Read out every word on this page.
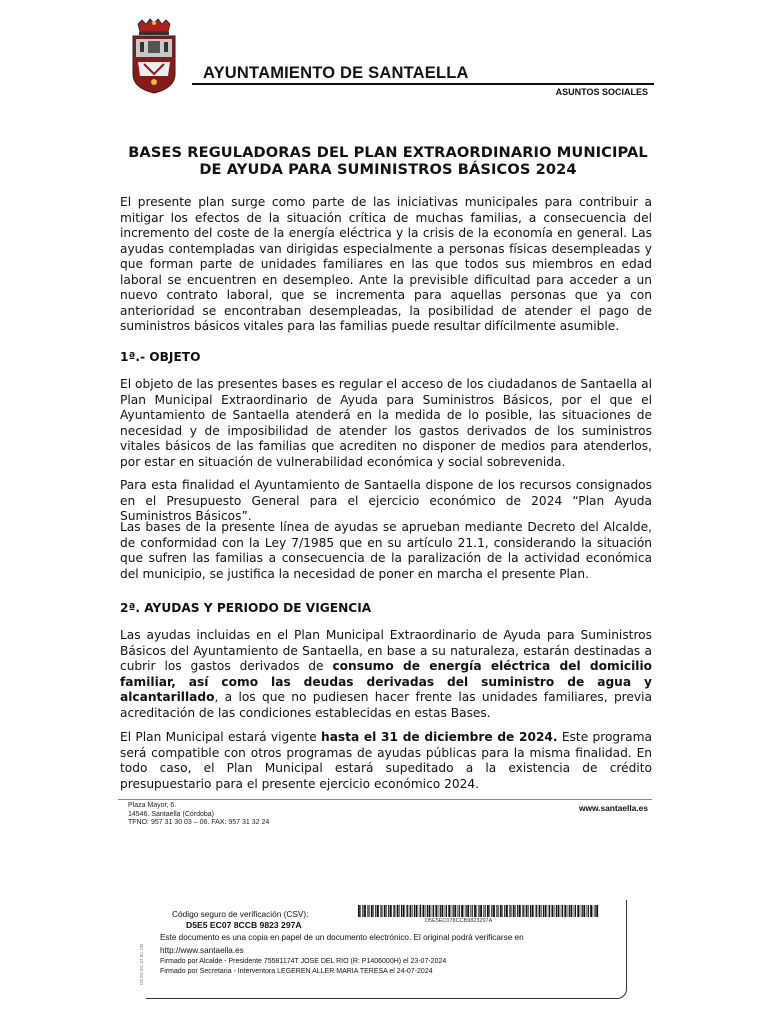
AYUNTAMIENTO DE SANTAELLA
ASUNTOS SOCIALES
BASES REGULADORAS DEL PLAN EXTRAORDINARIO MUNICIPAL
DE AYUDA PARA SUMINISTROS BÁSICOS 2024

El presente plan surge como parte de las iniciativas municipales para contribuir a mitigar los efectos de la situación crítica de muchas familias, a consecuencia del incremento del coste de la energía eléctrica y la crisis de la economía en general. Las ayudas contempladas van dirigidas especialmente a personas físicas desempleadas y que forman parte de unidades familiares en las que todos sus miembros en edad laboral se encuentren en desempleo. Ante la previsible dificultad para acceder a un nuevo contrato laboral, que se incrementa para aquellas personas que ya con anterioridad se encontraban desempleadas, la posibilidad de atender el pago de suministros básicos vitales para las familias puede resultar difícilmente asumible.

1ª.- OBJETO

El objeto de las presentes bases es regular el acceso de los ciudadanos de Santaella al Plan Municipal Extraordinario de Ayuda para Suministros Básicos, por el que el Ayuntamiento de Santaella atenderá en la medida de lo posible, las situaciones de necesidad y de imposibilidad de atender los gastos derivados de los suministros vitales básicos de las familias que acrediten no disponer de medios para atenderlos, por estar en situación de vulnerabilidad económica y social sobrevenida.

Para esta finalidad el Ayuntamiento de Santaella dispone de los recursos consignados en el Presupuesto General para el ejercicio económico de 2024 “Plan Ayuda Suministros Básicos”.

Las bases de la presente línea de ayudas se aprueban mediante Decreto del Alcalde, de conformidad con la Ley 7/1985 que en su artículo 21.1, considerando la situación que sufren las familias a consecuencia de la paralización de la actividad económica del municipio, se justifica la necesidad de poner en marcha el presente Plan.

2ª. AYUDAS Y PERIODO DE VIGENCIA

Las ayudas incluidas en el Plan Municipal Extraordinario de Ayuda para Suministros Básicos del Ayuntamiento de Santaella, en base a su naturaleza, estarán destinadas a cubrir los gastos derivados de consumo de energía eléctrica del domicilio familiar, así como las deudas derivadas del suministro de agua y alcantarillado, a los que no pudiesen hacer frente las unidades familiares, previa acreditación de las condiciones establecidas en estas Bases.

El Plan Municipal estará vigente hasta el 31 de diciembre de 2024. Este programa será compatible con otros programas de ayudas públicas para la misma finalidad. En todo caso, el Plan Municipal estará supeditado a la existencia de crédito presupuestario para el presente ejercicio económico 2024.

Plaza Mayor, 6.
14546. Santaella (Córdoba)
TFNO: 957 31 30 03 – 06. FAX: 957 31 32 24
www.santaella.es
Código seguro de verificación (CSV):
D5E5 EC07 8CCB 9823 297A	D5E5EC078CCB9823297A
Este documento es una copia en papel de un documento electrónico. El original podrá verificarse en
http://www.santaella.es
Firmado por Alcalde - Presidente 75581174T JOSE DEL RIO (R: P1406000H) el 23-07-2024
Firmado por Secretaria - Interventora LEGEREN ALLER MARIA TERESA el 24-07-2024
D5 E5 EC 07 8C CB
